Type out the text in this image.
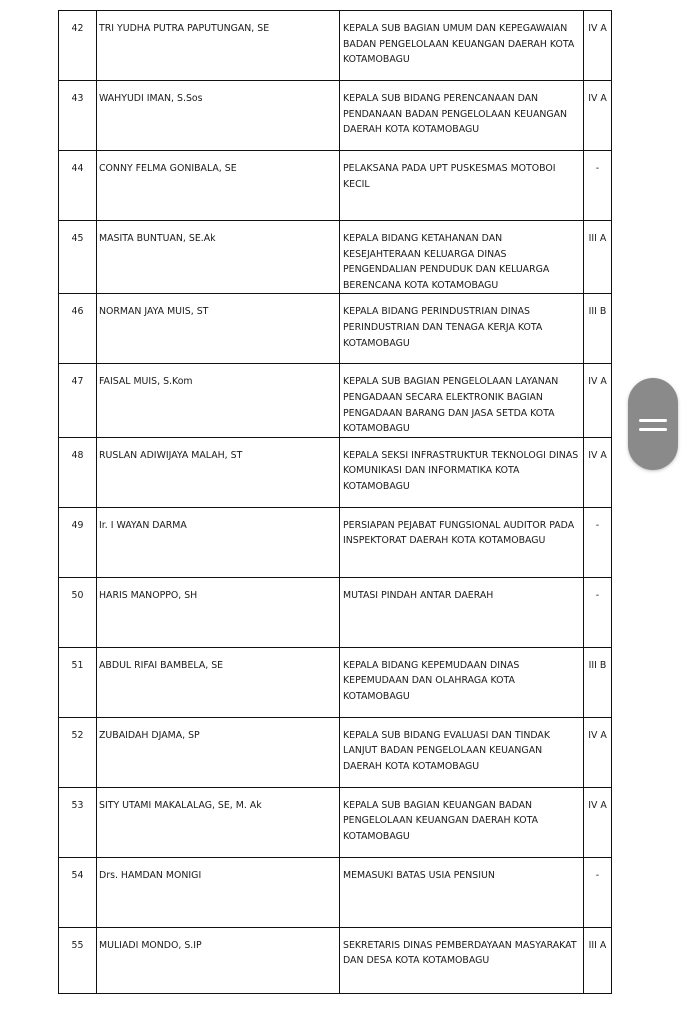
42	TRI YUDHA PUTRA PAPUTUNGAN, SE	KEPALA SUB BAGIAN UMUM DAN KEPEGAWAIAN BADAN PENGELOLAAN KEUANGAN DAERAH KOTA KOTAMOBAGU	IV A
43	WAHYUDI IMAN, S.Sos	KEPALA SUB BIDANG PERENCANAAN DAN PENDANAAN BADAN PENGELOLAAN KEUANGAN DAERAH KOTA KOTAMOBAGU	IV A
44	CONNY FELMA GONIBALA, SE	PELAKSANA PADA UPT PUSKESMAS MOTOBOI KECIL	-
45	MASITA BUNTUAN, SE.Ak	KEPALA BIDANG KETAHANAN DAN KESEJAHTERAAN KELUARGA DINAS PENGENDALIAN PENDUDUK DAN KELUARGA BERENCANA KOTA KOTAMOBAGU	III A
46	NORMAN JAYA MUIS, ST	KEPALA BIDANG PERINDUSTRIAN DINAS PERINDUSTRIAN DAN TENAGA KERJA KOTA KOTAMOBAGU	III B
47	FAISAL MUIS, S.Kom	KEPALA SUB BAGIAN PENGELOLAAN LAYANAN PENGADAAN SECARA ELEKTRONIK BAGIAN PENGADAAN BARANG DAN JASA SETDA KOTA KOTAMOBAGU	IV A
48	RUSLAN ADIWIJAYA MALAH, ST	KEPALA SEKSI INFRASTRUKTUR TEKNOLOGI DINAS KOMUNIKASI DAN INFORMATIKA KOTA KOTAMOBAGU	IV A
49	Ir. I WAYAN DARMA	PERSIAPAN PEJABAT FUNGSIONAL AUDITOR PADA INSPEKTORAT DAERAH KOTA KOTAMOBAGU	-
50	HARIS MANOPPO, SH	MUTASI PINDAH ANTAR DAERAH	-
51	ABDUL RIFAI BAMBELA, SE	KEPALA BIDANG KEPEMUDAAN DINAS KEPEMUDAAN DAN OLAHRAGA KOTA KOTAMOBAGU	III B
52	ZUBAIDAH DJAMA, SP	KEPALA SUB BIDANG EVALUASI DAN TINDAK LANJUT BADAN PENGELOLAAN KEUANGAN DAERAH KOTA KOTAMOBAGU	IV A
53	SITY UTAMI MAKALALAG, SE, M. Ak	KEPALA SUB BAGIAN KEUANGAN BADAN PENGELOLAAN KEUANGAN DAERAH KOTA KOTAMOBAGU	IV A
54	Drs. HAMDAN MONIGI	MEMASUKI BATAS USIA PENSIUN	-
55	MULIADI MONDO, S.IP	SEKRETARIS DINAS PEMBERDAYAAN MASYARAKAT DAN DESA KOTA KOTAMOBAGU	III A
